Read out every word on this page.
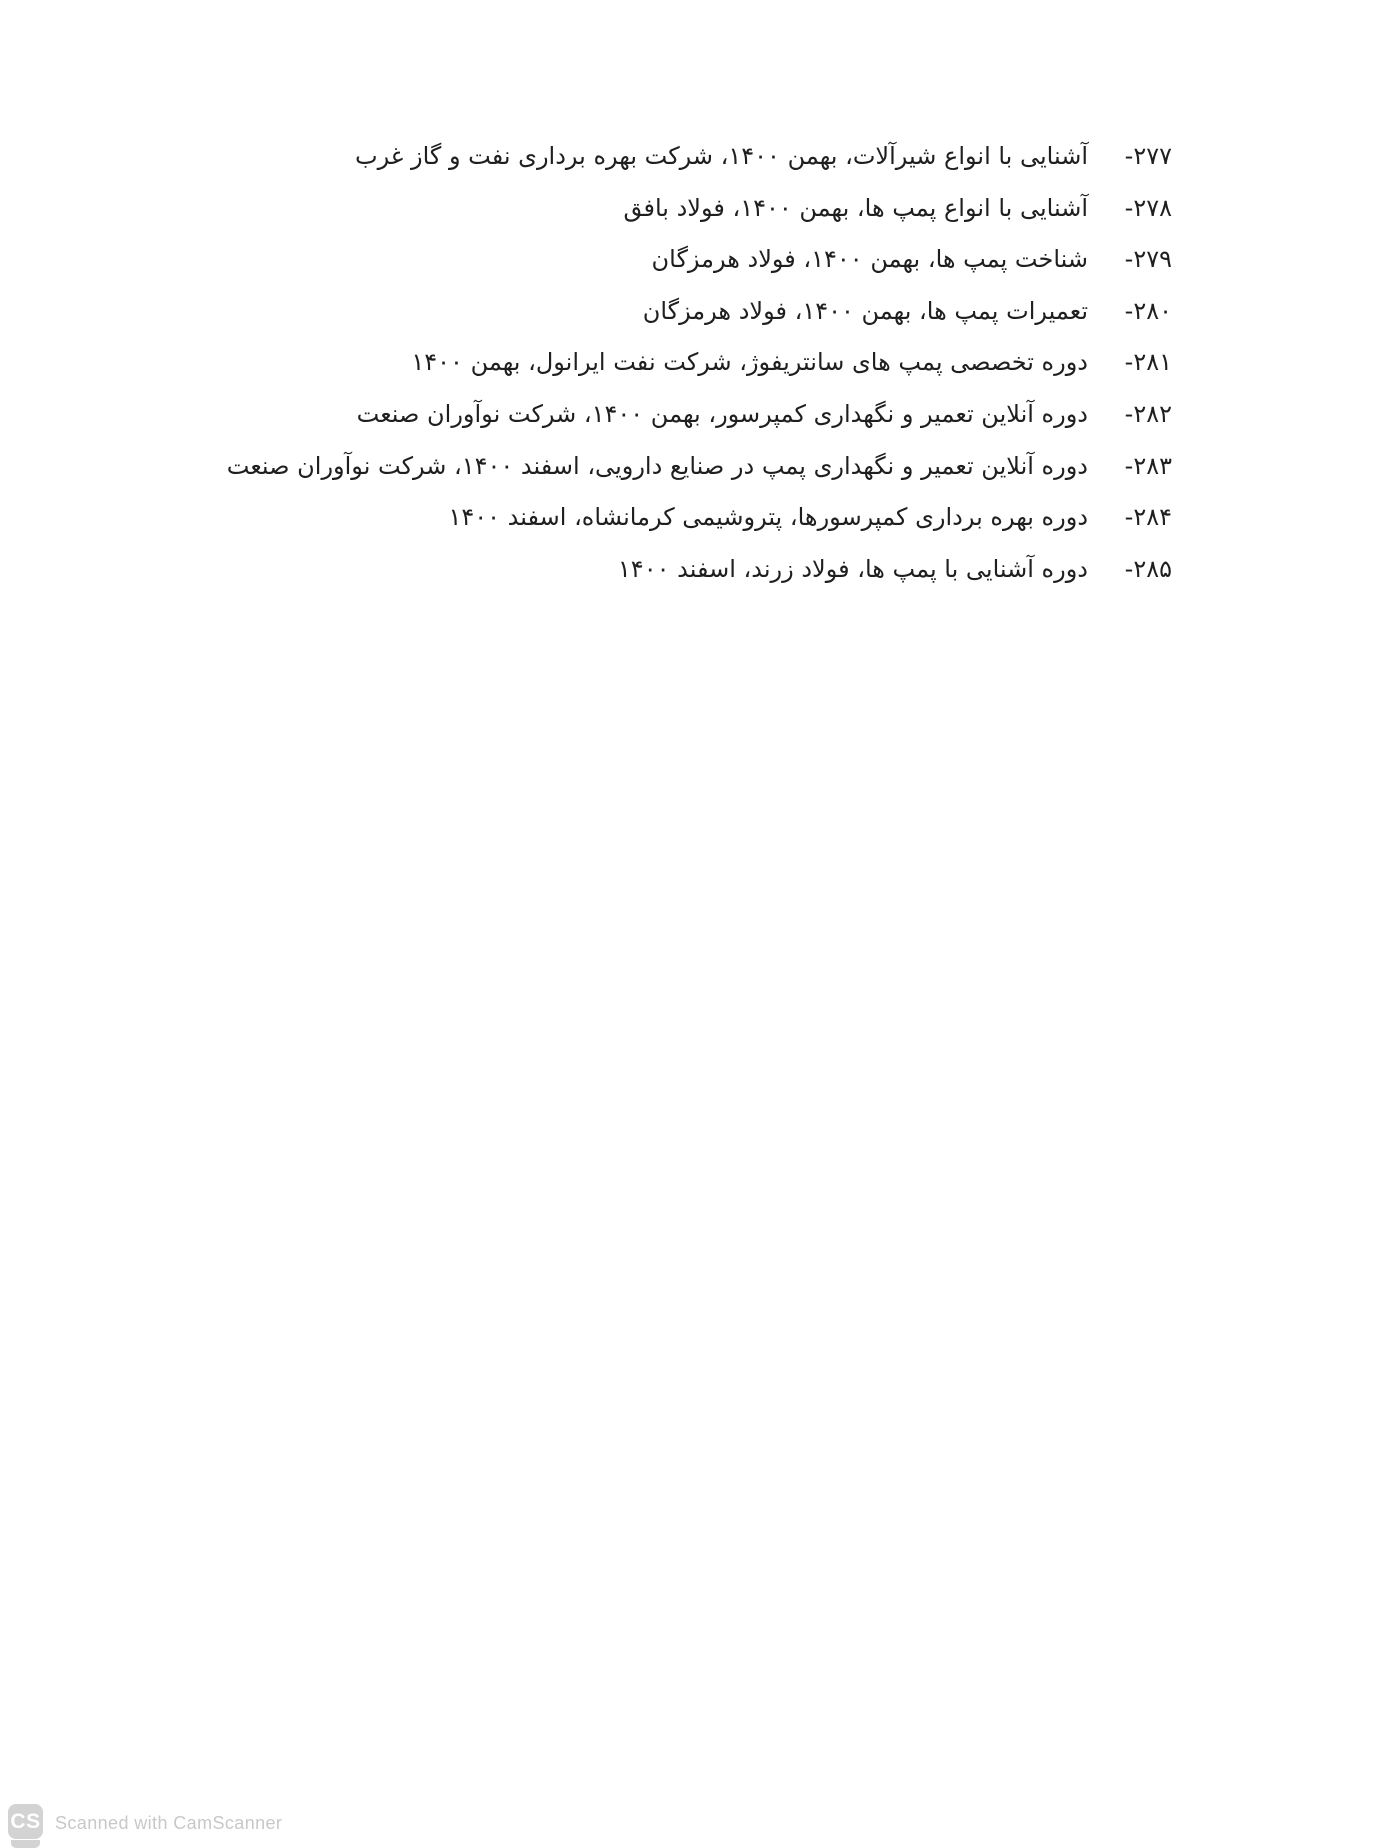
-۲۷۷
آشنایی با انواع شیرآلات، بهمن ۱۴۰۰، شرکت بهره برداری نفت و گاز غرب
-۲۷۸
آشنایی با انواع پمپ ها، بهمن ۱۴۰۰، فولاد بافق
-۲۷۹
شناخت پمپ ها، بهمن ۱۴۰۰، فولاد هرمزگان
-۲۸۰
تعمیرات پمپ ها، بهمن ۱۴۰۰، فولاد هرمزگان
-۲۸۱
دوره تخصصی پمپ های سانتریفوژ، شرکت نفت ایرانول، بهمن ۱۴۰۰
-۲۸۲
دوره آنلاین تعمیر و نگهداری کمپرسور، بهمن ۱۴۰۰، شرکت نوآوران صنعت
-۲۸۳
دوره آنلاین تعمیر و نگهداری پمپ در صنایع دارویی، اسفند ۱۴۰۰، شرکت نوآوران صنعت
-۲۸۴
دوره بهره برداری کمپرسورها، پتروشیمی کرمانشاه، اسفند ۱۴۰۰
-۲۸۵
دوره آشنایی با پمپ ها، فولاد زرند، اسفند ۱۴۰۰
CS Scanned with CamScanner
